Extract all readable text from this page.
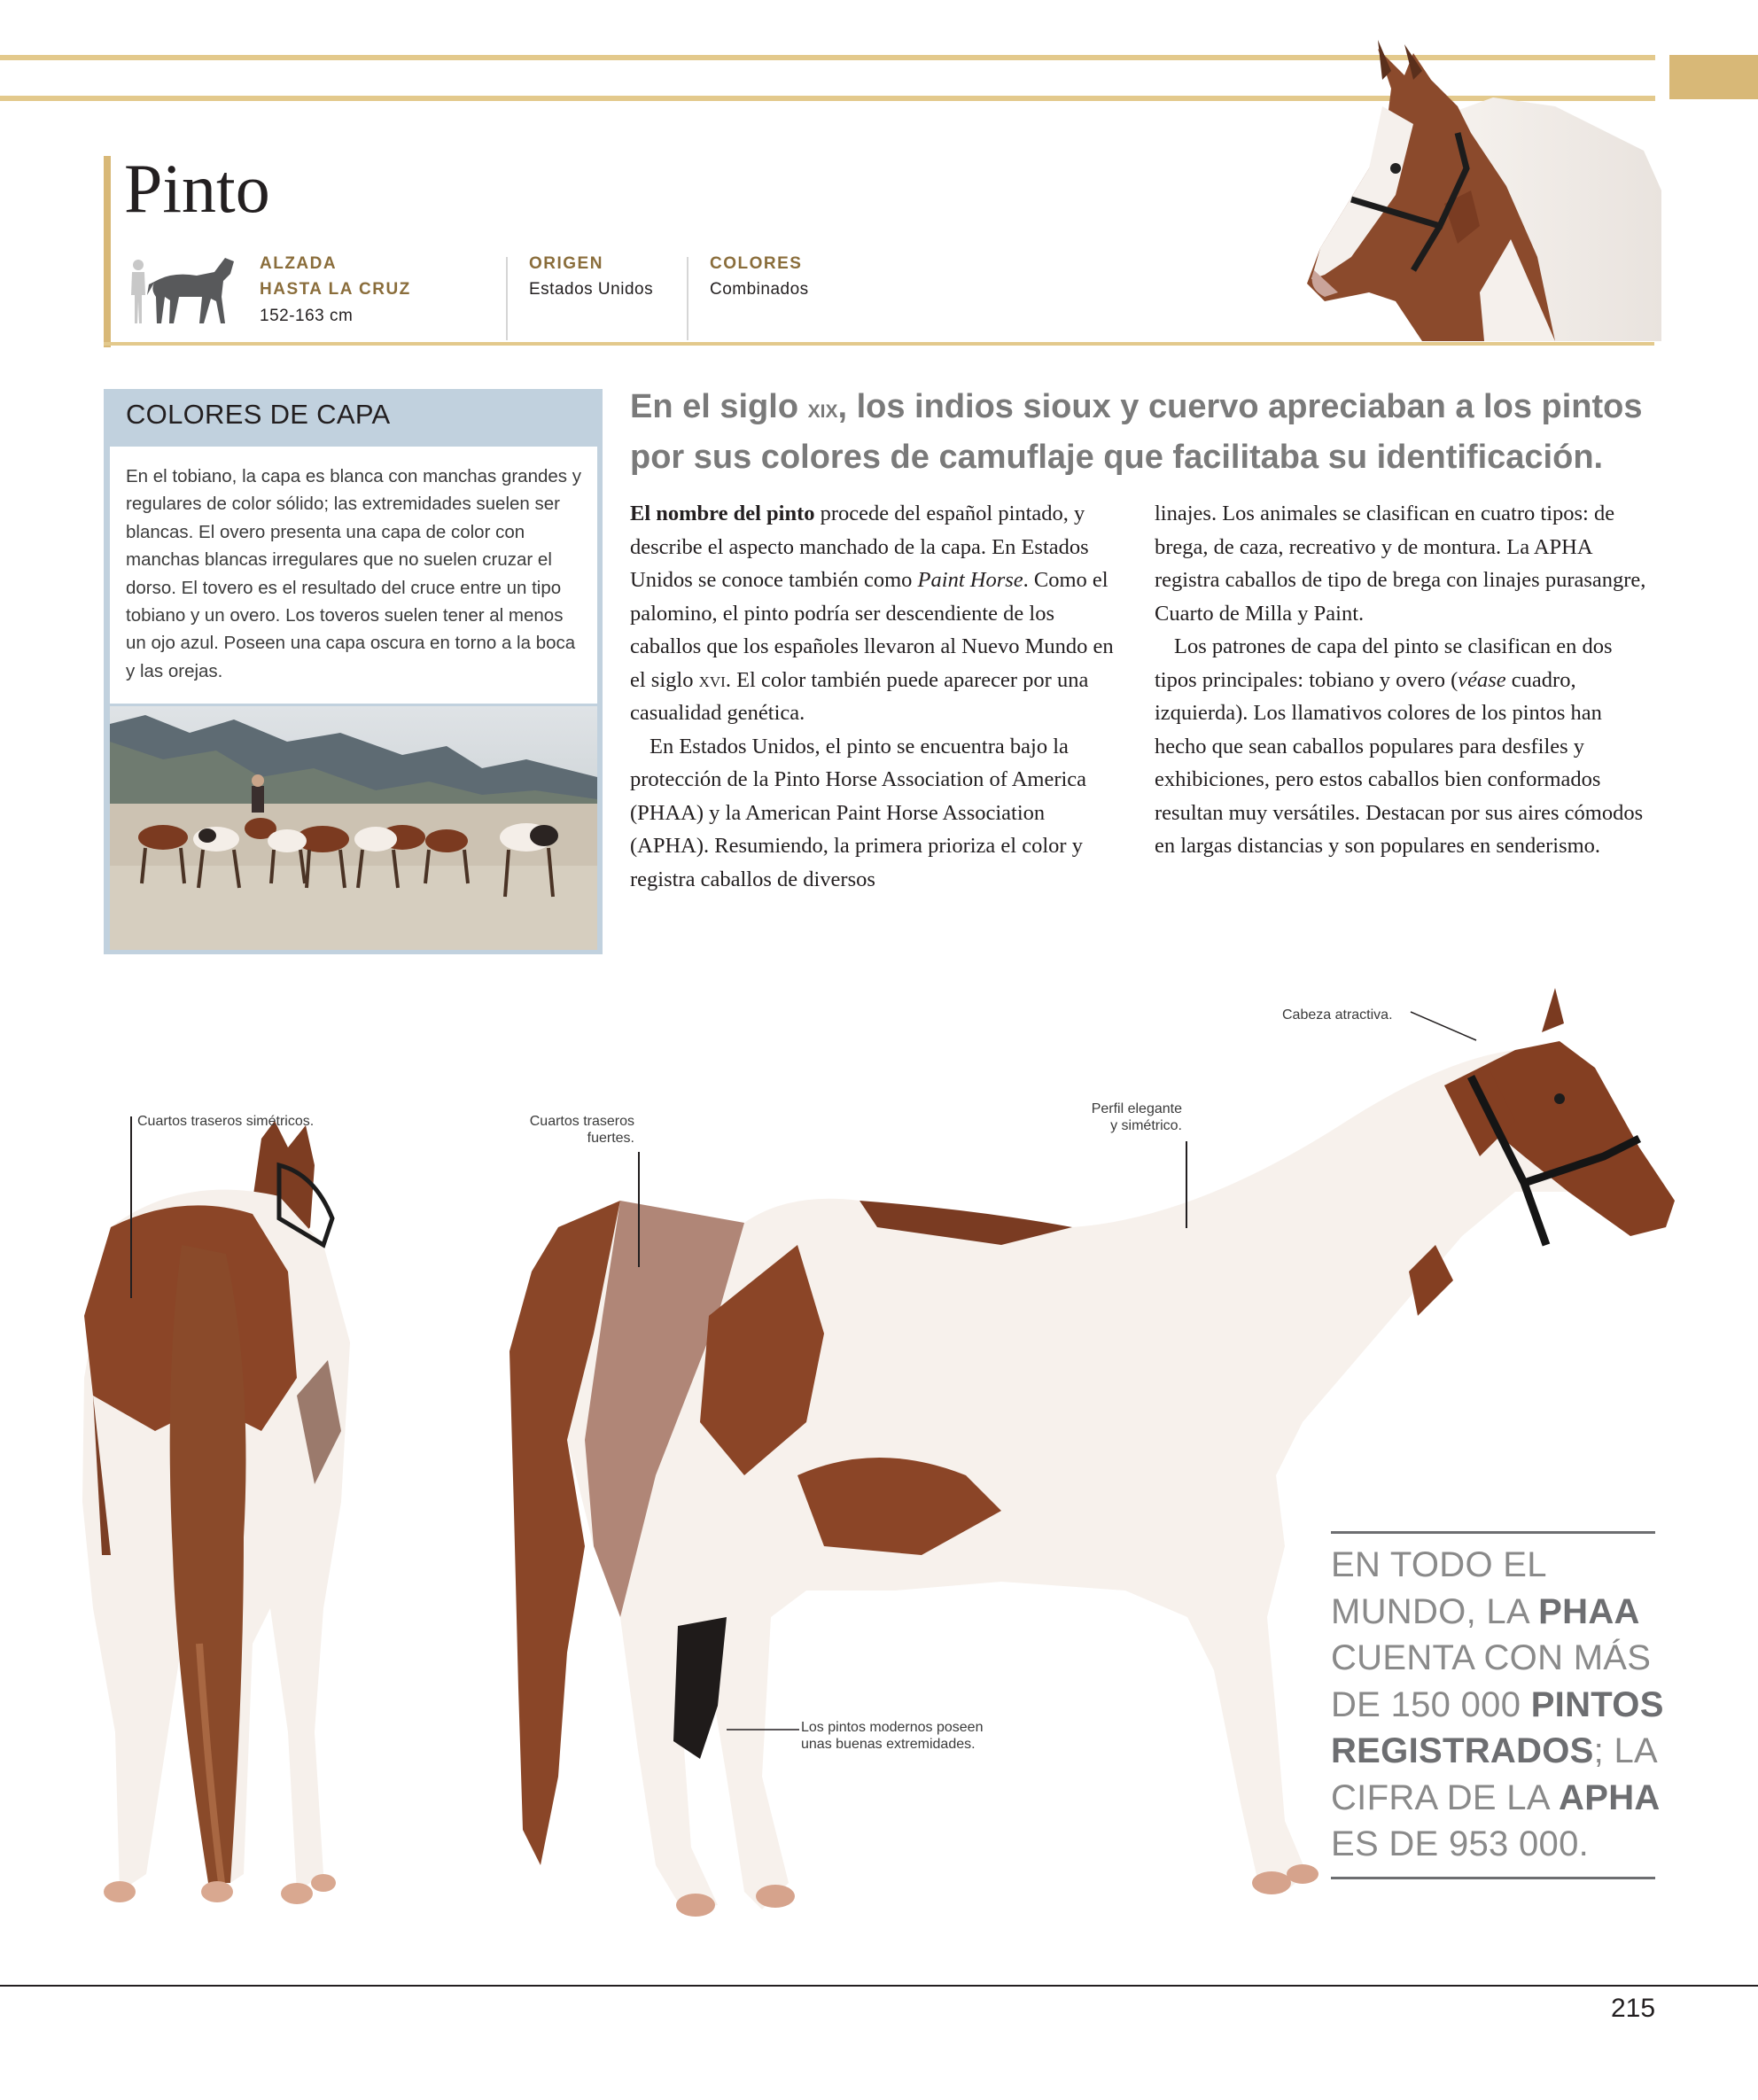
Pinto
ALZADA
HASTA LA CRUZ
152-163 cm
ORIGEN
Estados Unidos
COLORES
Combinados
COLORES DE CAPA

En el tobiano, la capa es blanca con manchas grandes y regulares de color sólido; las extremidades suelen ser blancas. El overo presenta una capa de color con manchas blancas irregulares que no suelen cruzar el dorso. El tovero es el resultado del cruce entre un tipo tobiano y un overo. Los toveros suelen tener al menos un ojo azul. Poseen una capa oscura en torno a la boca y las orejas.

En el siglo xix, los indios sioux y cuervo apreciaban a los pintos por sus colores de camuflaje que facilitaba su identificación.

El nombre del pinto procede del español pintado, y describe el aspecto manchado de la capa. En Estados Unidos se conoce también como Paint Horse. Como el palomino, el pinto podría ser descendiente de los caballos que los españoles llevaron al Nuevo Mundo en el siglo xvi. El color también puede aparecer por una casualidad genética.

En Estados Unidos, el pinto se encuentra bajo la protección de la Pinto Horse Association of America (PHAA) y la American Paint Horse Association (APHA). Resumiendo, la primera prioriza el color y registra caballos de diversos

linajes. Los animales se clasifican en cuatro tipos: de brega, de caza, recreativo y de montura. La APHA registra caballos de tipo de brega con linajes purasangre, Cuarto de Milla y Paint.

Los patrones de capa del pinto se clasifican en dos tipos principales: tobiano y overo (véase cuadro, izquierda). Los llamativos colores de los pintos han hecho que sean caballos populares para desfiles y exhibiciones, pero estos caballos bien conformados resultan muy versátiles. Destacan por sus aires cómodos en largas distancias y son populares en senderismo.

Cabeza atractiva.
Cuartos traseros simétricos.	Cuartos traseros
fuertes.
Perfil elegante
y simétrico.
Los pintos modernos poseen
unas buenas extremidades.
EN TODO EL MUNDO, LA PHAA CUENTA CON MÁS DE 150 000 PINTOS REGISTRADOS; LA CIFRA DE LA APHA ES DE 953 000.
215
